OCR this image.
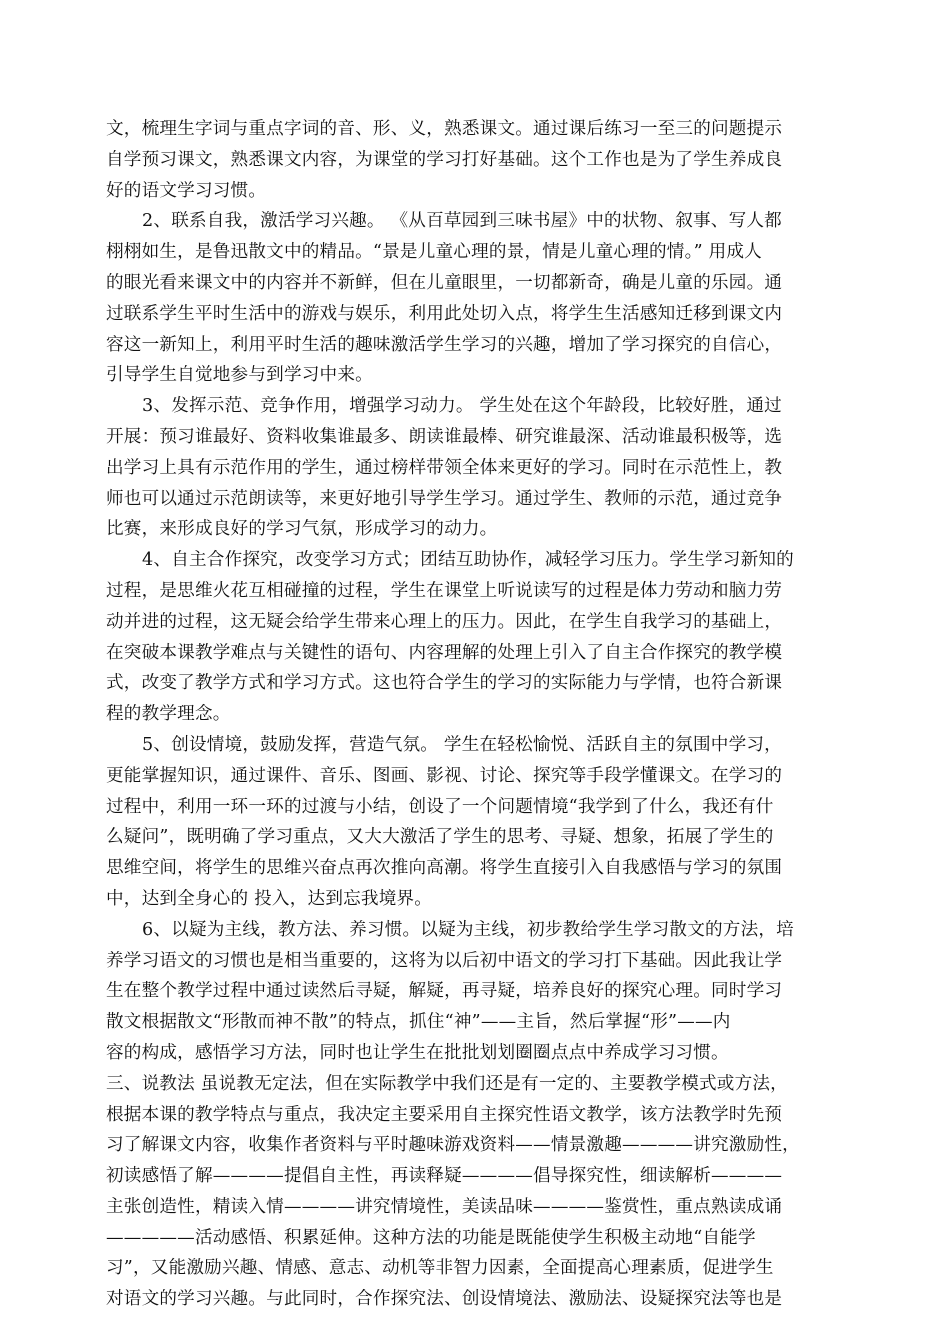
文，梳理生字词与重点字词的音、形、义，熟悉课文。通过课后练习一至三的问题提示
自学预习课文，熟悉课文内容，为课堂的学习打好基础。这个工作也是为了学生养成良
好的语文学习习惯。
2、联系自我，激活学习兴趣。 《从百草园到三味书屋》中的状物、叙事、写人都
栩栩如生，是鲁迅散文中的精品。“景是儿童心理的景，情是儿童心理的情。” 用成人
的眼光看来课文中的内容并不新鲜，但在儿童眼里，一切都新奇，确是儿童的乐园。通
过联系学生平时生活中的游戏与娱乐，利用此处切入点，将学生生活感知迁移到课文内
容这一新知上，利用平时生活的趣味激活学生学习的兴趣，增加了学习探究的自信心，
引导学生自觉地参与到学习中来。
3、发挥示范、竞争作用，增强学习动力。 学生处在这个年龄段，比较好胜，通过
开展：预习谁最好、资料收集谁最多、朗读谁最棒、研究谁最深、活动谁最积极等，选
出学习上具有示范作用的学生，通过榜样带领全体来更好的学习。同时在示范性上，教
师也可以通过示范朗读等，来更好地引导学生学习。通过学生、教师的示范，通过竞争
比赛，来形成良好的学习气氛，形成学习的动力。
4、自主合作探究，改变学习方式；团结互助协作，减轻学习压力。学生学习新知的
过程，是思维火花互相碰撞的过程，学生在课堂上听说读写的过程是体力劳动和脑力劳
动并进的过程，这无疑会给学生带来心理上的压力。因此，在学生自我学习的基础上，
在突破本课教学难点与关键性的语句、内容理解的处理上引入了自主合作探究的教学模
式，改变了教学方式和学习方式。这也符合学生的学习的实际能力与学情，也符合新课
程的教学理念。
5、创设情境，鼓励发挥，营造气氛。 学生在轻松愉悦、活跃自主的氛围中学习，
更能掌握知识，通过课件、音乐、图画、影视、讨论、探究等手段学懂课文。在学习的
过程中，利用一环一环的过渡与小结，创设了一个问题情境“我学到了什么，我还有什
么疑问”，既明确了学习重点，又大大激活了学生的思考、寻疑、想象，拓展了学生的
思维空间，将学生的思维兴奋点再次推向高潮。将学生直接引入自我感悟与学习的氛围
中，达到全身心的 投入，达到忘我境界。
6、以疑为主线，教方法、养习惯。以疑为主线，初步教给学生学习散文的方法，培
养学习语文的习惯也是相当重要的，这将为以后初中语文的学习打下基础。因此我让学
生在整个教学过程中通过读然后寻疑，解疑，再寻疑，培养良好的探究心理。同时学习
散文根据散文“形散而神不散”的特点，抓住“神”——主旨，然后掌握“形”——内
容的构成，感悟学习方法，同时也让学生在批批划划圈圈点点中养成学习习惯。
三、说教法 虽说教无定法，但在实际教学中我们还是有一定的、主要教学模式或方法，
根据本课的教学特点与重点，我决定主要采用自主探究性语文教学，该方法教学时先预
习了解课文内容，收集作者资料与平时趣味游戏资料——情景激趣————讲究激励性，
初读感悟了解————提倡自主性，再读释疑————倡导探究性，细读解析————
主张创造性，精读入情————讲究情境性，美读品味————鉴赏性，重点熟读成诵
—————活动感悟、积累延伸。这种方法的功能是既能使学生积极主动地“自能学
习”，又能激励兴趣、情感、意志、动机等非智力因素，全面提高心理素质，促进学生
对语文的学习兴趣。与此同时，合作探究法、创设情境法、激励法、设疑探究法等也是
